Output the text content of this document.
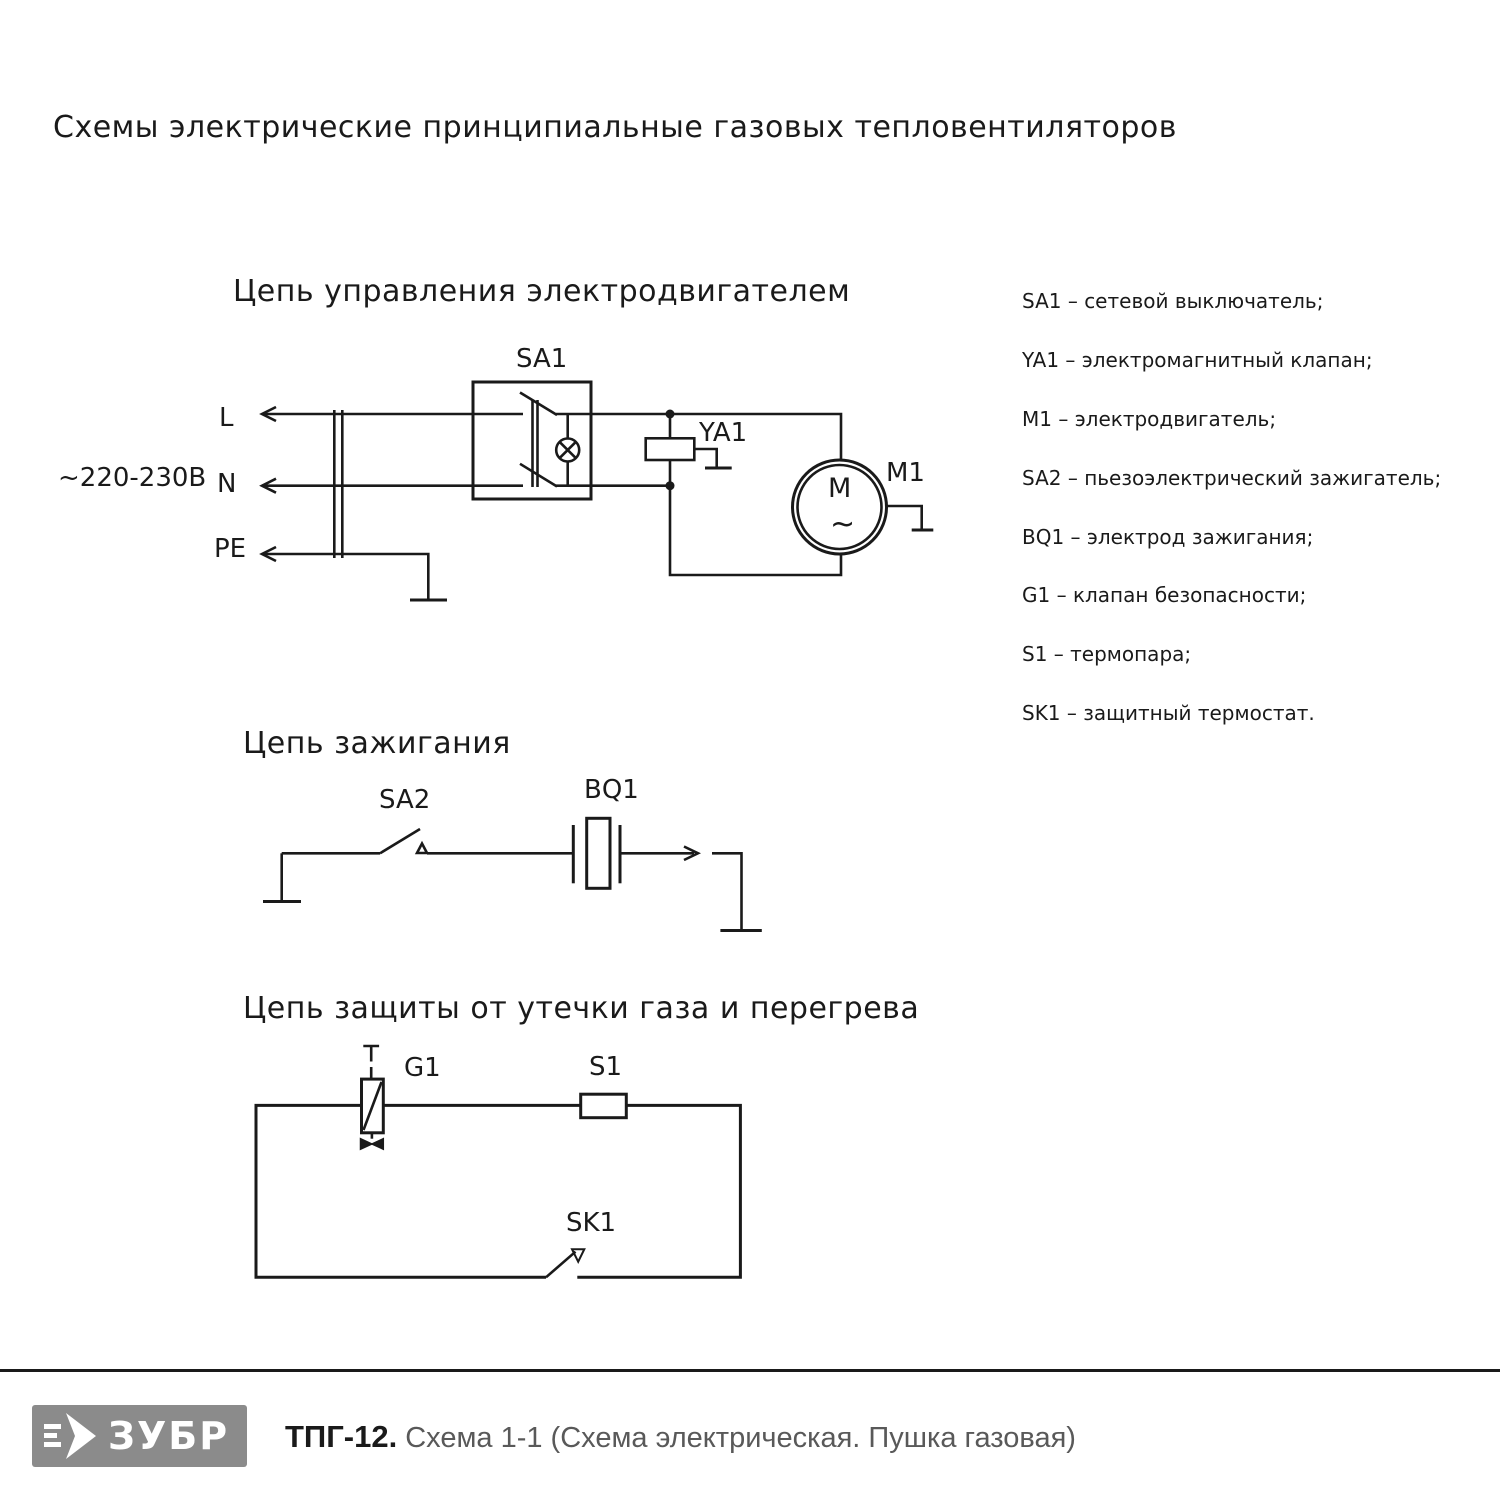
Схемы электрические принципиальные газовых тепловентиляторов
Цепь управления электродвигателем
Цепь зажигания
Цепь защиты от утечки газа и перегрева
SA1 – сетевой выключатель;
YA1 – электромагнитный клапан;
M1 – электродвигатель;
SA2 – пьезоэлектрический зажигатель;
BQ1 – электрод зажигания;
G1 – клапан безопасности;
S1 – термопара;
SK1 – защитный термостат.
~220-230В
L
N
PE
SA1
YA1
M1
M
~
SA2	BQ1
G1	S1
SK1
ЗУБР ТПГ-12. Схема 1-1 (Схема электрическая. Пушка газовая)
